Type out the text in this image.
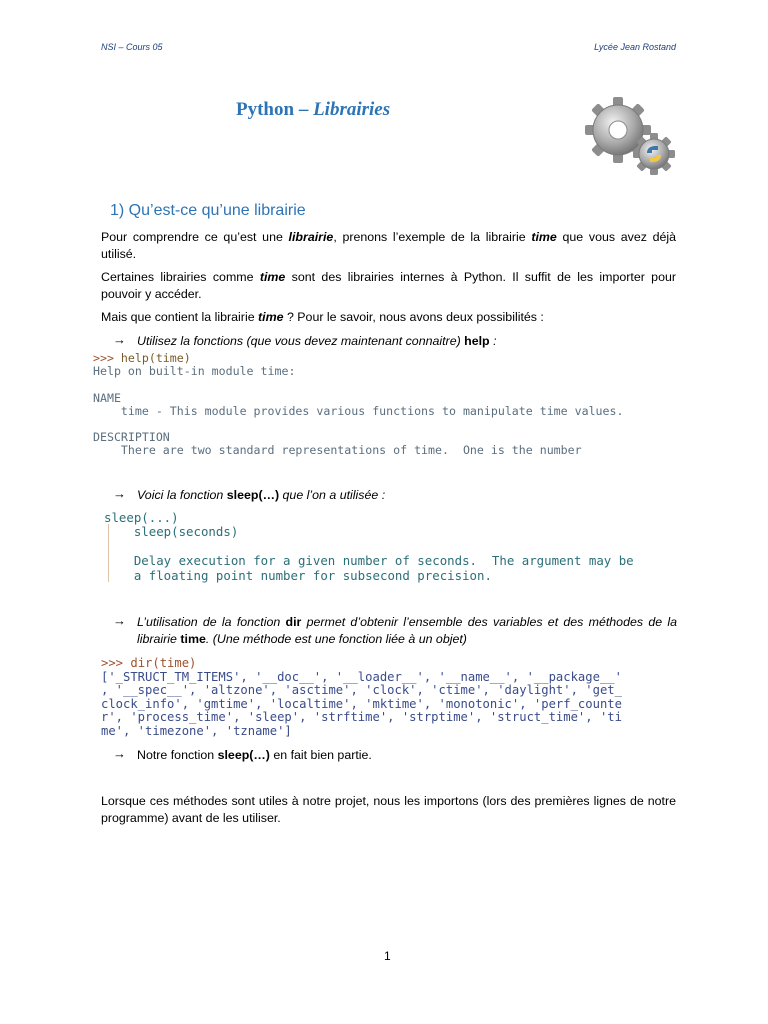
NSI – Cours 05	Lycée Jean Rostand
Python – Librairies
1) Qu’est-ce qu’une librairie
Pour comprendre ce qu’est une librairie, prenons l’exemple de la librairie time que vous avez déjà utilisé.
Certaines librairies comme time sont des librairies internes à Python. Il suffit de les importer pour pouvoir y accéder.
Mais que contient la librairie time ? Pour le savoir, nous avons deux possibilités :
→ Utilisez la fonctions (que vous devez maintenant connaitre) help :
>>> help(time)
Help on built-in module time:

NAME
time - This module provides various functions to manipulate time values.

DESCRIPTION
There are two standard representations of time.  One is the number
→ Voici la fonction sleep(…) que l’on a utilisée :
sleep(...)
sleep(seconds)

Delay execution for a given number of seconds.  The argument may be
a floating point number for subsecond precision.
→ L’utilisation de la fonction dir permet d’obtenir l’ensemble des variables et des méthodes de la librairie time. (Une méthode est une fonction liée à un objet)
>>> dir(time)
['_STRUCT_TM_ITEMS', '__doc__', '__loader__', '__name__', '__package__'
, '__spec__', 'altzone', 'asctime', 'clock', 'ctime', 'daylight', 'get_
clock_info', 'gmtime', 'localtime', 'mktime', 'monotonic', 'perf_counte
r', 'process_time', 'sleep', 'strftime', 'strptime', 'struct_time', 'ti
me', 'timezone', 'tzname']
→ Notre fonction sleep(…) en fait bien partie.
Lorsque ces méthodes sont utiles à notre projet, nous les importons (lors des premières lignes de notre programme) avant de les utiliser.
1
